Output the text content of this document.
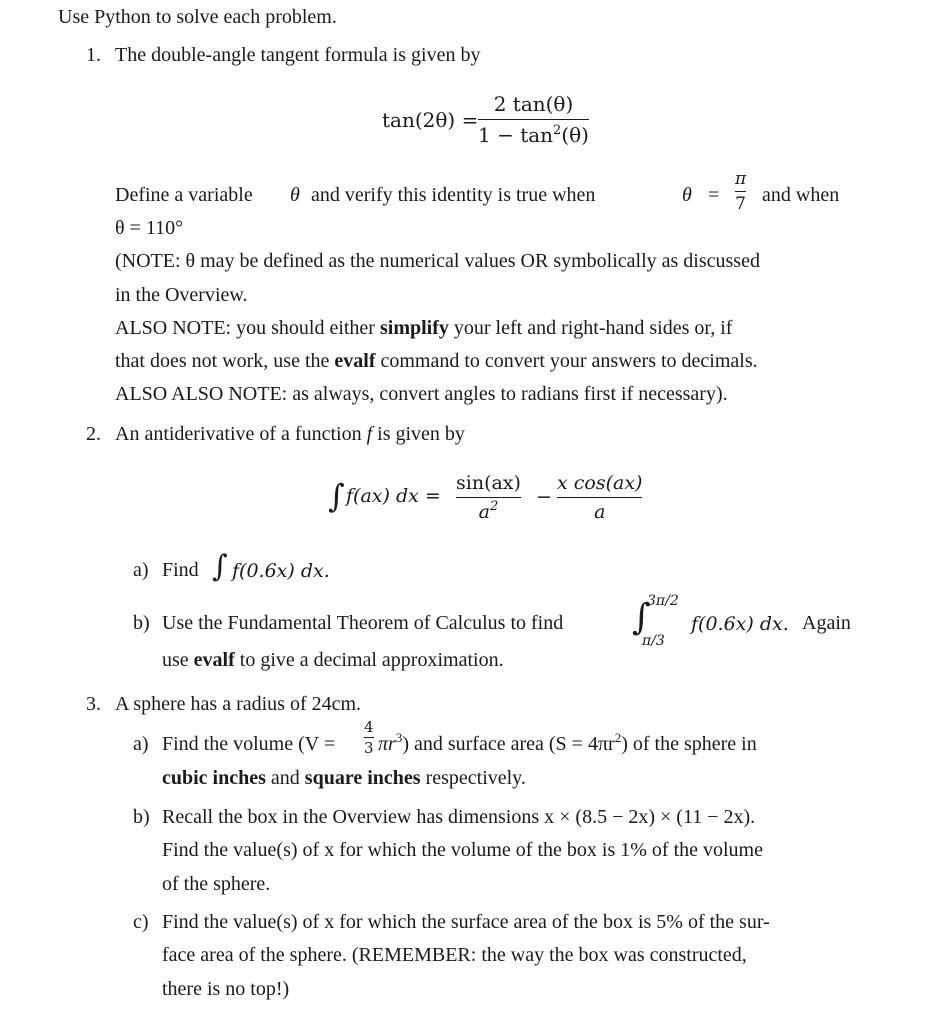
Use Python to solve each problem.
1. The double-angle tangent formula is given by
tan(2θ) =
2 tan(θ)
$1 - \tan^2(\theta)$
Define a variable θ and verify this identity is true when	θ =
π
7 and when
θ = 110°
(NOTE: θ may be defined as the numerical values OR symbolically as discussed
in the Overview.
ALSO NOTE: you should either simplify your left and right-hand sides or, if
that does not work, use the evalf command to convert your answers to decimals.
ALSO ALSO NOTE: as always, convert angles to radians first if necessary).
2. An antiderivative of a function f is given by
∫ f(ax) dx =
sin(ax)
$a^2$ −
x cos(ax)
a
a) Find ∫ f(0.6x) dx.
b) Use the Fundamental Theorem of Calculus to find ∫
3π/2
π/3
f(0.6x) dx. Again
use evalf to give a decimal approximation.
3. A sphere has a radius of 24cm.
a) Find the volume (V =
4
3 $\pi r^3$) and surface area $(S = 4\pi r^2)$ of the sphere in
cubic inches and square inches respectively.
b) Recall the box in the Overview has dimensions x × (8.5 − 2x) × (11 − 2x).
Find the value(s) of x for which the volume of the box is 1% of the volume
of the sphere.
c) Find the value(s) of x for which the surface area of the box is 5% of the sur-
face area of the sphere. (REMEMBER: the way the box was constructed,
there is no top!)
